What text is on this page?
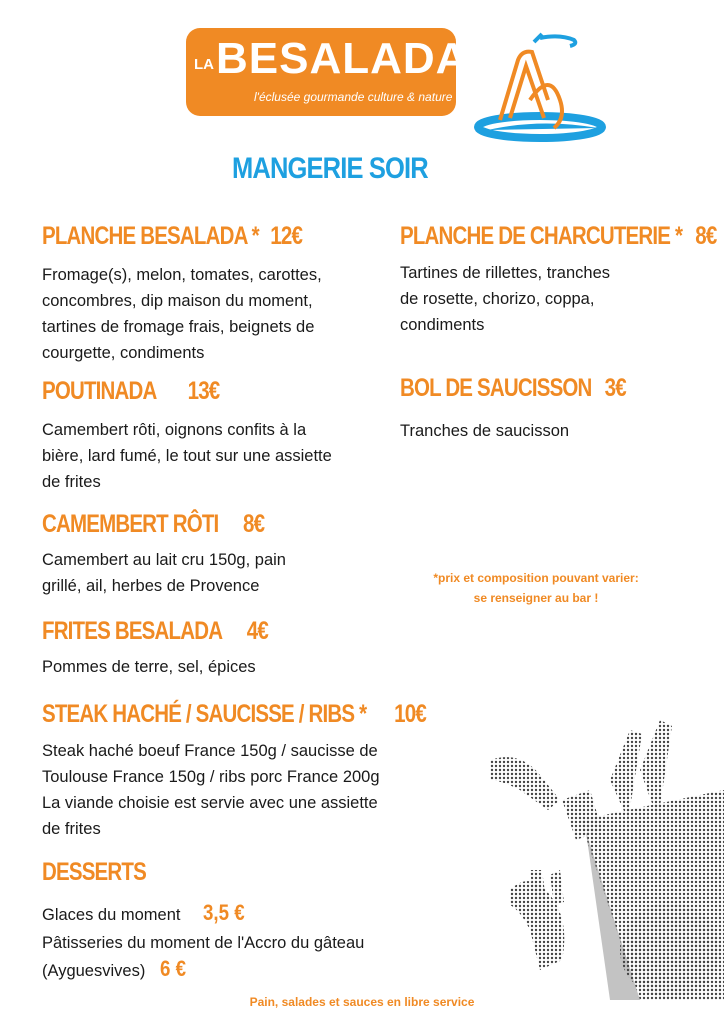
LA BESALADA
l'éclusée gourmande culture & nature
MANGERIE SOIR
PLANCHE BESALADA * 12€
Fromage(s), melon, tomates, carottes,
concombres, dip maison du moment,
tartines de fromage frais, beignets de
courgette, condiments
POUTINADA 13€
Camembert rôti, oignons confits à la
bière, lard fumé, le tout sur une assiette
de frites
CAMEMBERT RÔTI 8€
Camembert au lait cru 150g, pain
grillé, ail, herbes de Provence
FRITES BESALADA 4€
Pommes de terre, sel, épices
STEAK HACHÉ / SAUCISSE / RIBS * 10€
Steak haché boeuf France 150g / saucisse de
Toulouse France 150g / ribs porc France 200g
La viande choisie est servie avec une assiette
de frites
DESSERTS
Glaces du moment 3,5 €
Pâtisseries du moment de l'Accro du gâteau
(Ayguesvives) 6 €
PLANCHE DE CHARCUTERIE * 8€
Tartines de rillettes, tranches
de rosette, chorizo, coppa,
condiments
BOL DE SAUCISSON 3€
Tranches de saucisson
*prix et composition pouvant varier:
se renseigner au bar !
Pain, salades et sauces en libre service
